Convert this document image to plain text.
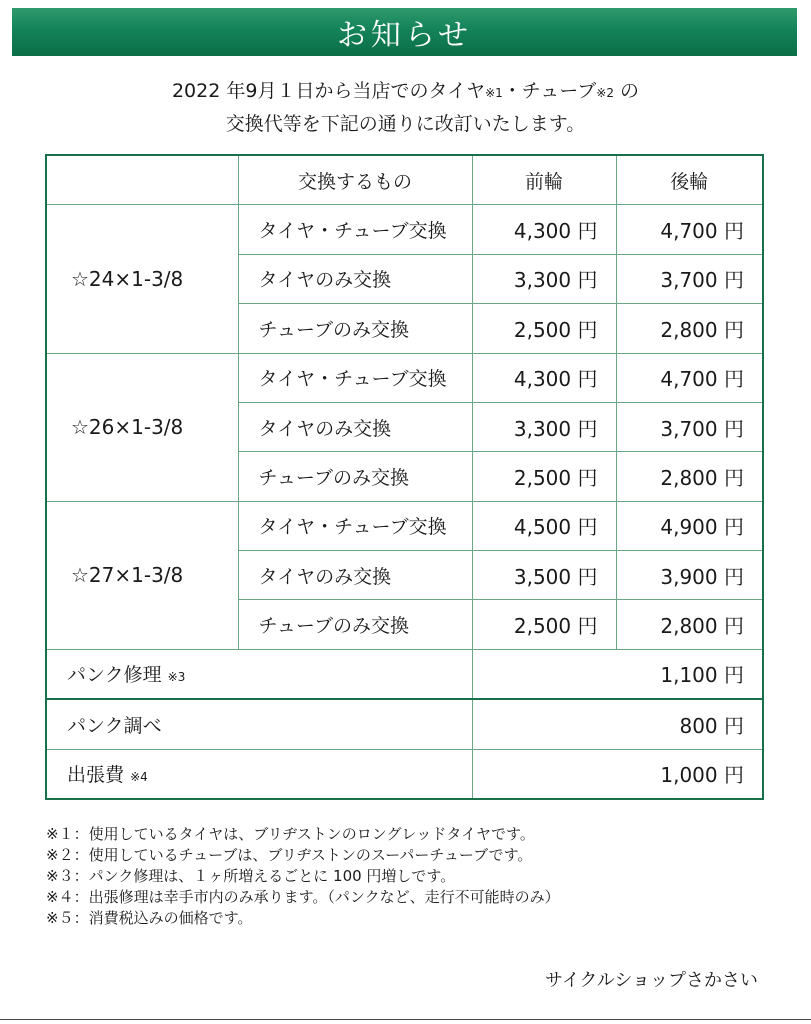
お知らせ
2022 年9月１日から当店でのタイヤ※1・チューブ※2 の
交換代等を下記の通りに改訂いたします。
	交換するもの	前輪	後輪
☆24×1-3/8	タイヤ・チューブ交換	4,300 円	4,700 円
	タイヤのみ交換	3,300 円	3,700 円
	チューブのみ交換	2,500 円	2,800 円
☆26×1-3/8	タイヤ・チューブ交換	4,300 円	4,700 円
	タイヤのみ交換	3,300 円	3,700 円
	チューブのみ交換	2,500 円	2,800 円
☆27×1-3/8	タイヤ・チューブ交換	4,500 円	4,900 円
	タイヤのみ交換	3,500 円	3,900 円
	チューブのみ交換	2,500 円	2,800 円
パンク修理 ※3		1,100 円	
パンク調べ		800 円	
出張費 ※4		1,000 円	
※１：使用しているタイヤは、ブリヂストンのロングレッドタイヤです。
※２：使用しているチューブは、ブリヂストンのスーパーチューブです。
※３：パンク修理は、１ヶ所増えるごとに 100 円増しです。
※４：出張修理は幸手市内のみ承ります。（パンクなど、走行不可能時のみ）
※５：消費税込みの価格です。
サイクルショップさかさい
